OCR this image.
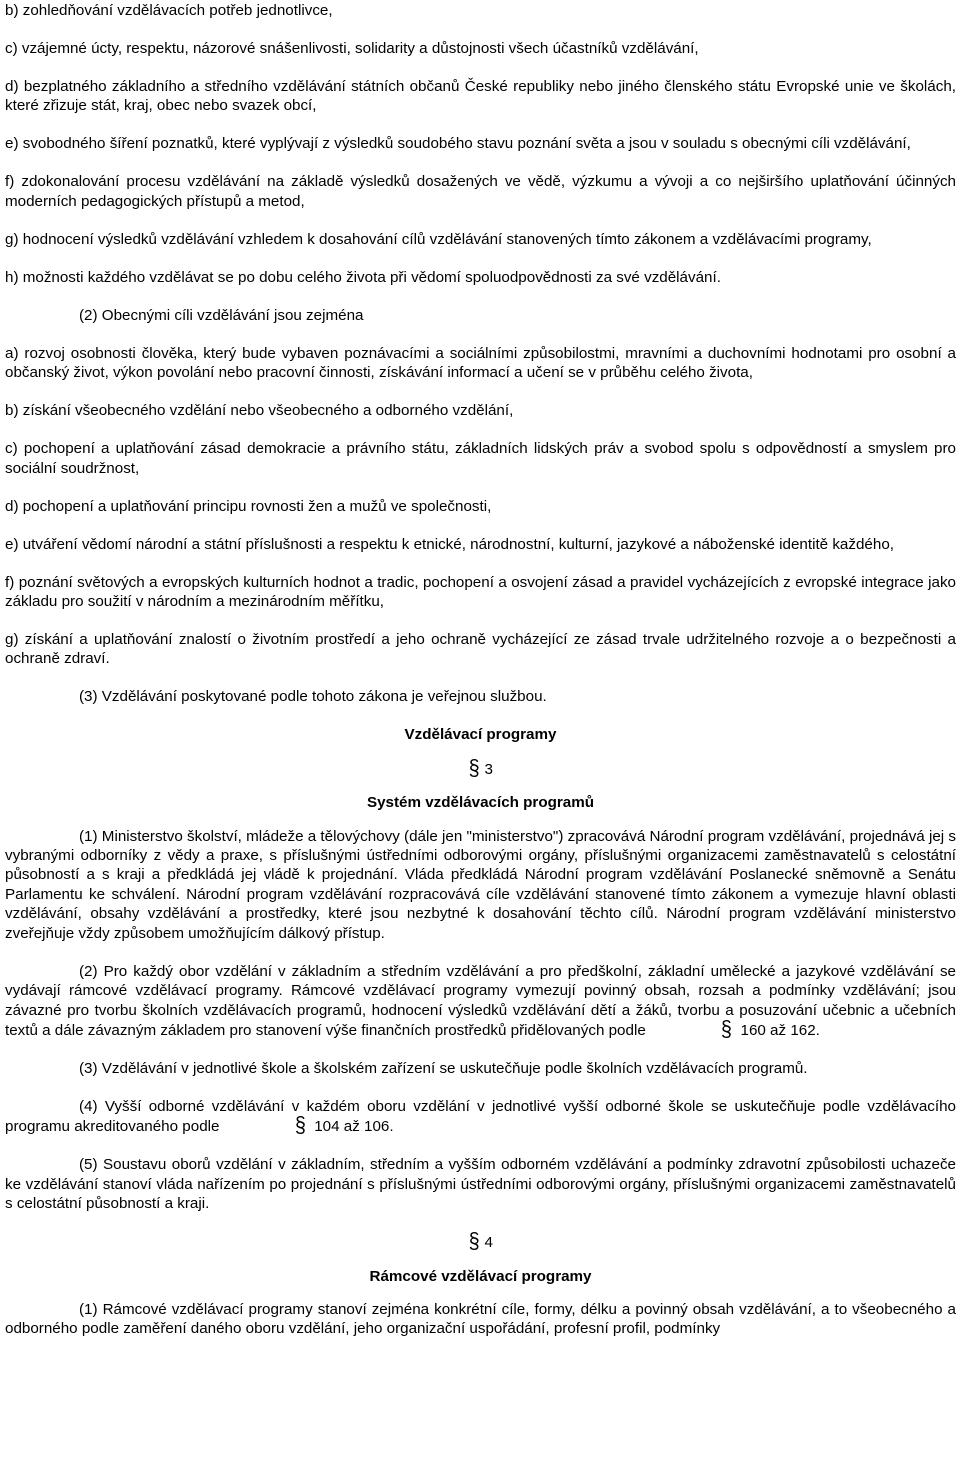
b) zohledňování vzdělávacích potřeb jednotlivce,

c) vzájemné úcty, respektu, názorové snášenlivosti, solidarity a důstojnosti všech účastníků vzdělávání,

d) bezplatného základního a středního vzdělávání státních občanů České republiky nebo jiného členského státu Evropské unie ve školách, které zřizuje stát, kraj, obec nebo svazek obcí,

e) svobodného šíření poznatků, které vyplývají z výsledků soudobého stavu poznání světa a jsou v souladu s obecnými cíli vzdělávání,

f) zdokonalování procesu vzdělávání na základě výsledků dosažených ve vědě, výzkumu a vývoji a co nejširšího uplatňování účinných moderních pedagogických přístupů a metod,

g) hodnocení výsledků vzdělávání vzhledem k dosahování cílů vzdělávání stanovených tímto zákonem a vzdělávacími programy,

h) možnosti každého vzdělávat se po dobu celého života při vědomí spoluodpovědnosti za své vzdělávání.

(2) Obecnými cíli vzdělávání jsou zejména

a) rozvoj osobnosti člověka, který bude vybaven poznávacími a sociálními způsobilostmi, mravními a duchovními hodnotami pro osobní a občanský život, výkon povolání nebo pracovní činnosti, získávání informací a učení se v průběhu celého života,

b) získání všeobecného vzdělání nebo všeobecného a odborného vzdělání,

c) pochopení a uplatňování zásad demokracie a právního státu, základních lidských práv a svobod spolu s odpovědností a smyslem pro sociální soudržnost,

d) pochopení a uplatňování principu rovnosti žen a mužů ve společnosti,

e) utváření vědomí národní a státní příslušnosti a respektu k etnické, národnostní, kulturní, jazykové a náboženské identitě každého,

f) poznání světových a evropských kulturních hodnot a tradic, pochopení a osvojení zásad a pravidel vycházejících z evropské integrace jako základu pro soužití v národním a mezinárodním měřítku,

g) získání a uplatňování znalostí o životním prostředí a jeho ochraně vycházející ze zásad trvale udržitelného rozvoje a o bezpečnosti a ochraně zdraví.

(3) Vzdělávání poskytované podle tohoto zákona je veřejnou službou.

Vzdělávací programy

§ 3

Systém vzdělávacích programů

(1) Ministerstvo školství, mládeže a tělovýchovy (dále jen "ministerstvo") zpracovává Národní program vzdělávání, projednává jej s vybranými odborníky z vědy a praxe, s příslušnými ústředními odborovými orgány, příslušnými organizacemi zaměstnavatelů s celostátní působností a s kraji a předkládá jej vládě k projednání. Vláda předkládá Národní program vzdělávání Poslanecké sněmovně a Senátu Parlamentu ke schválení. Národní program vzdělávání rozpracovává cíle vzdělávání stanovené tímto zákonem a vymezuje hlavní oblasti vzdělávání, obsahy vzdělávání a prostředky, které jsou nezbytné k dosahování těchto cílů. Národní program vzdělávání ministerstvo zveřejňuje vždy způsobem umožňujícím dálkový přístup.

(2) Pro každý obor vzdělání v základním a středním vzdělávání a pro předškolní, základní umělecké a jazykové vzdělávání se vydávají rámcové vzdělávací programy. Rámcové vzdělávací programy vymezují povinný obsah, rozsah a podmínky vzdělávání; jsou závazné pro tvorbu školních vzdělávacích programů, hodnocení výsledků vzdělávání dětí a žáků, tvorbu a posuzování učebnic a učebních textů a dále závazným základem pro stanovení výše finančních prostředků přidělovaných podle	§ 160 až 162.

(3) Vzdělávání v jednotlivé škole a školském zařízení se uskutečňuje podle školních vzdělávacích programů.

(4) Vyšší odborné vzdělávání v každém oboru vzdělání v jednotlivé vyšší odborné škole se uskutečňuje podle vzdělávacího programu akreditovaného podle	§ 104 až 106.

(5) Soustavu oborů vzdělání v základním, středním a vyšším odborném vzdělávání a podmínky zdravotní způsobilosti uchazeče ke vzdělávání stanoví vláda nařízením po projednání s příslušnými ústředními odborovými orgány, příslušnými organizacemi zaměstnavatelů s celostátní působností a kraji.

§ 4

Rámcové vzdělávací programy

(1) Rámcové vzdělávací programy stanoví zejména konkrétní cíle, formy, délku a povinný obsah vzdělávání, a to všeobecného a odborného podle zaměření daného oboru vzdělání, jeho organizační uspořádání, profesní profil, podmínky
